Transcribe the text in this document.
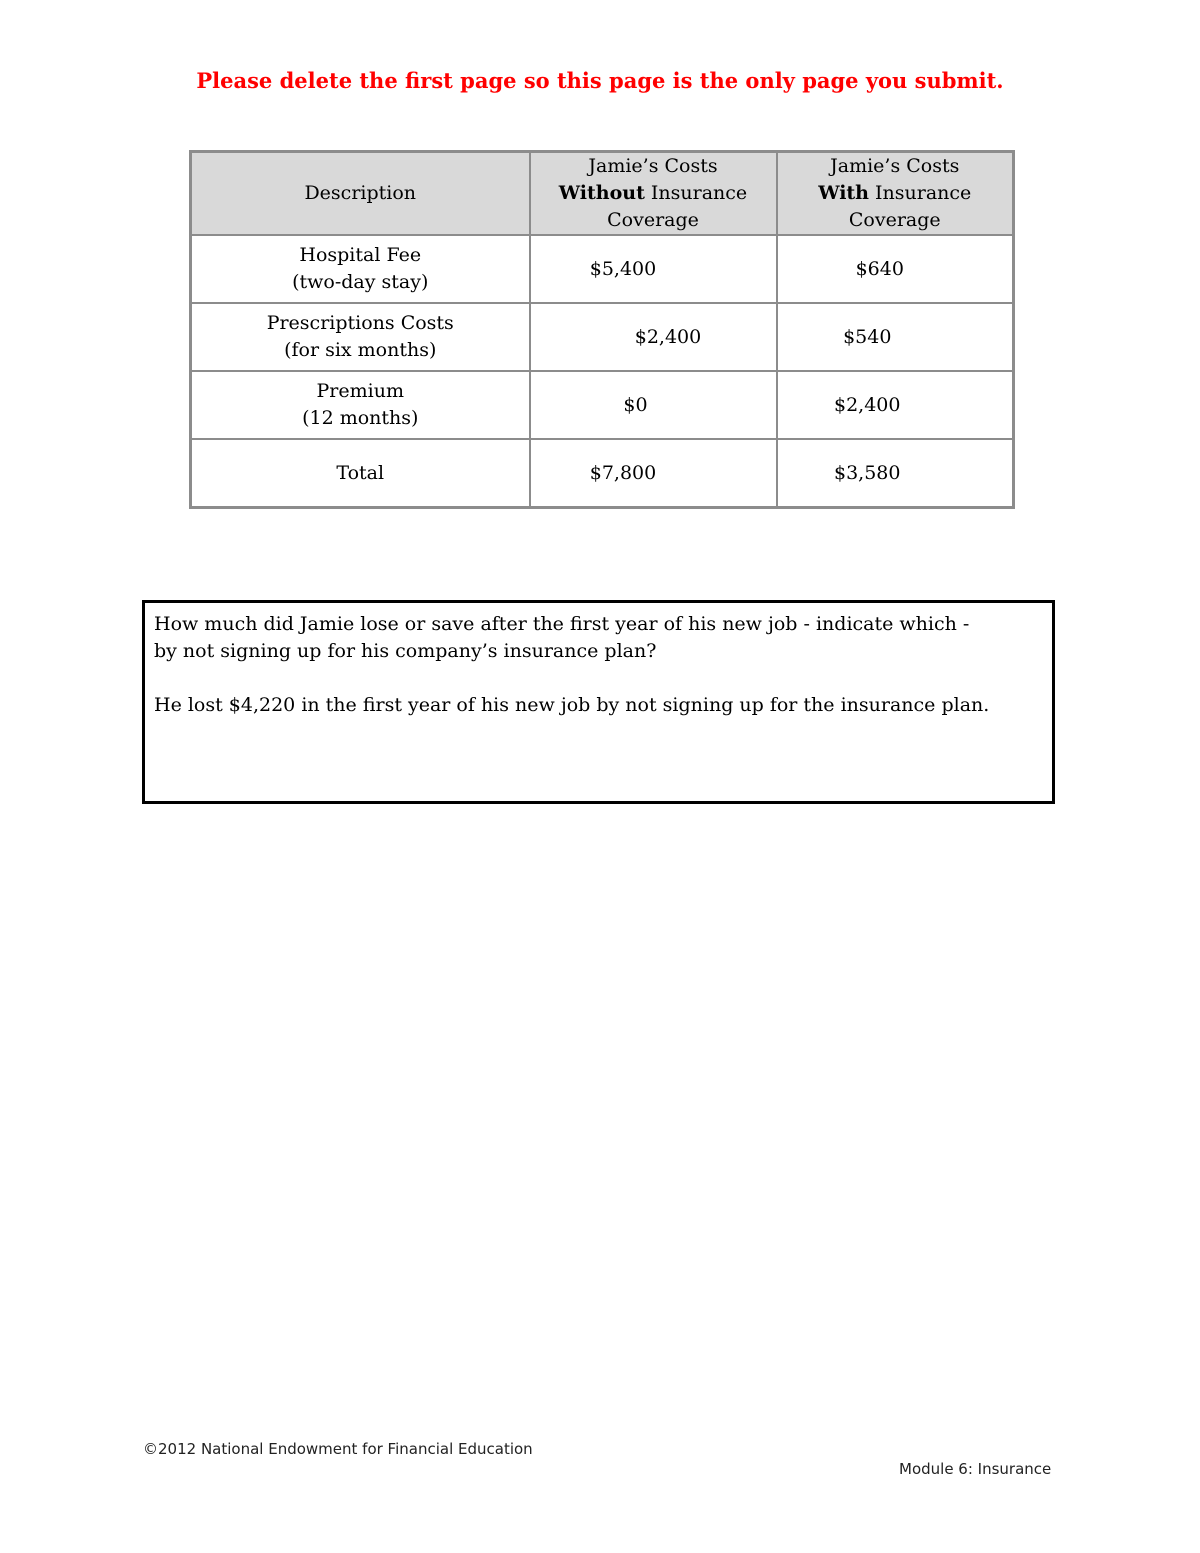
Please delete the first page so this page is the only page you submit.
Description	Jamie’s Costs
Without Insurance
Coverage	Jamie’s Costs
With Insurance
Coverage
Hospital Fee
(two-day stay)	$5,400	$640
Prescriptions Costs
(for six months)	$2,400	$540
Premium
(12 months)	$0	$2,400
Total	$7,800	$3,580

How much did Jamie lose or save after the first year of his new job - indicate which -
by not signing up for his company’s insurance plan?

He lost $4,220 in the first year of his new job by not signing up for the insurance plan.

©2012 National Endowment for Financial Education
Module 6: Insurance
